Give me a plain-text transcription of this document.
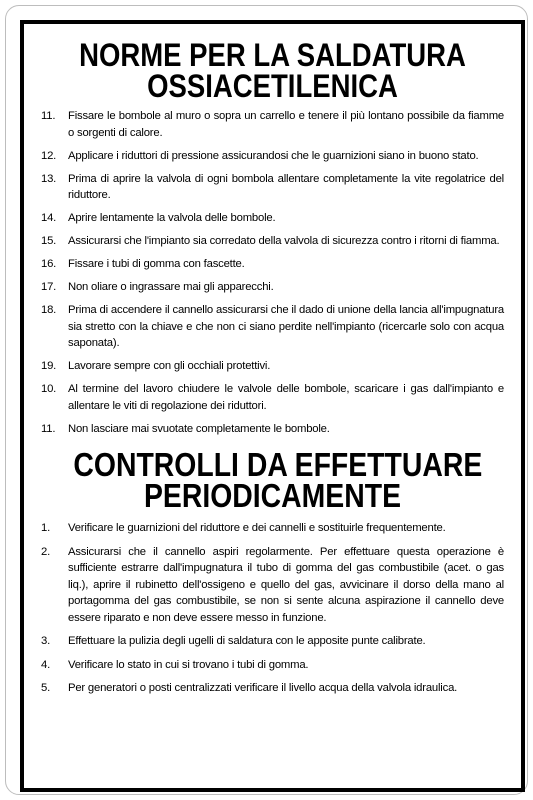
NORME PER LA SALDATURA
OSSIACETILENICA
11.	Fissare le bombole al muro o sopra un carrello e tenere il più lontano possibile da fiamme o sorgenti di calore.
12.	Applicare i riduttori di pressione assicurandosi che le guarnizioni siano in buono stato.
13.	Prima di aprire la valvola di ogni bombola allentare completamente la vite regolatrice del riduttore.
14.	Aprire lentamente la valvola delle bombole.
15.	Assicurarsi che l'impianto sia corredato della valvola di sicurezza contro i ritorni di fiamma.
16.	Fissare i tubi di gomma con fascette.
17.	Non oliare o ingrassare mai gli apparecchi.
18.	Prima di accendere il cannello assicurarsi che il dado di unione della lancia all'impugnatura sia stretto con la chiave e che non ci siano perdite nell'impianto (ricercarle solo con acqua saponata).
19.	Lavorare sempre con gli occhiali protettivi.
10.	Al termine del lavoro chiudere le valvole delle bombole, scaricare i gas dall'impianto e allentare le viti di regolazione dei riduttori.
11.	Non lasciare mai svuotate completamente le bombole.
CONTROLLI DA EFFETTUARE
PERIODICAMENTE
1.	Verificare le guarnizioni del riduttore e dei cannelli e sostituirle frequentemente.
2.	Assicurarsi che il cannello aspiri regolarmente. Per effettuare questa operazione è sufficiente estrarre dall'impugnatura il tubo di gomma del gas combustibile (acet. o gas liq.), aprire il rubinetto dell'ossigeno e quello del gas, avvicinare il dorso della mano al portagomma del gas combustibile, se non si sente alcuna aspirazione il cannello deve essere riparato e non deve essere messo in funzione.
3.	Effettuare la pulizia degli ugelli di saldatura con le apposite punte calibrate.
4.	Verificare lo stato in cui si trovano i tubi di gomma.
5.	Per generatori o posti centralizzati verificare il livello acqua della valvola idraulica.
